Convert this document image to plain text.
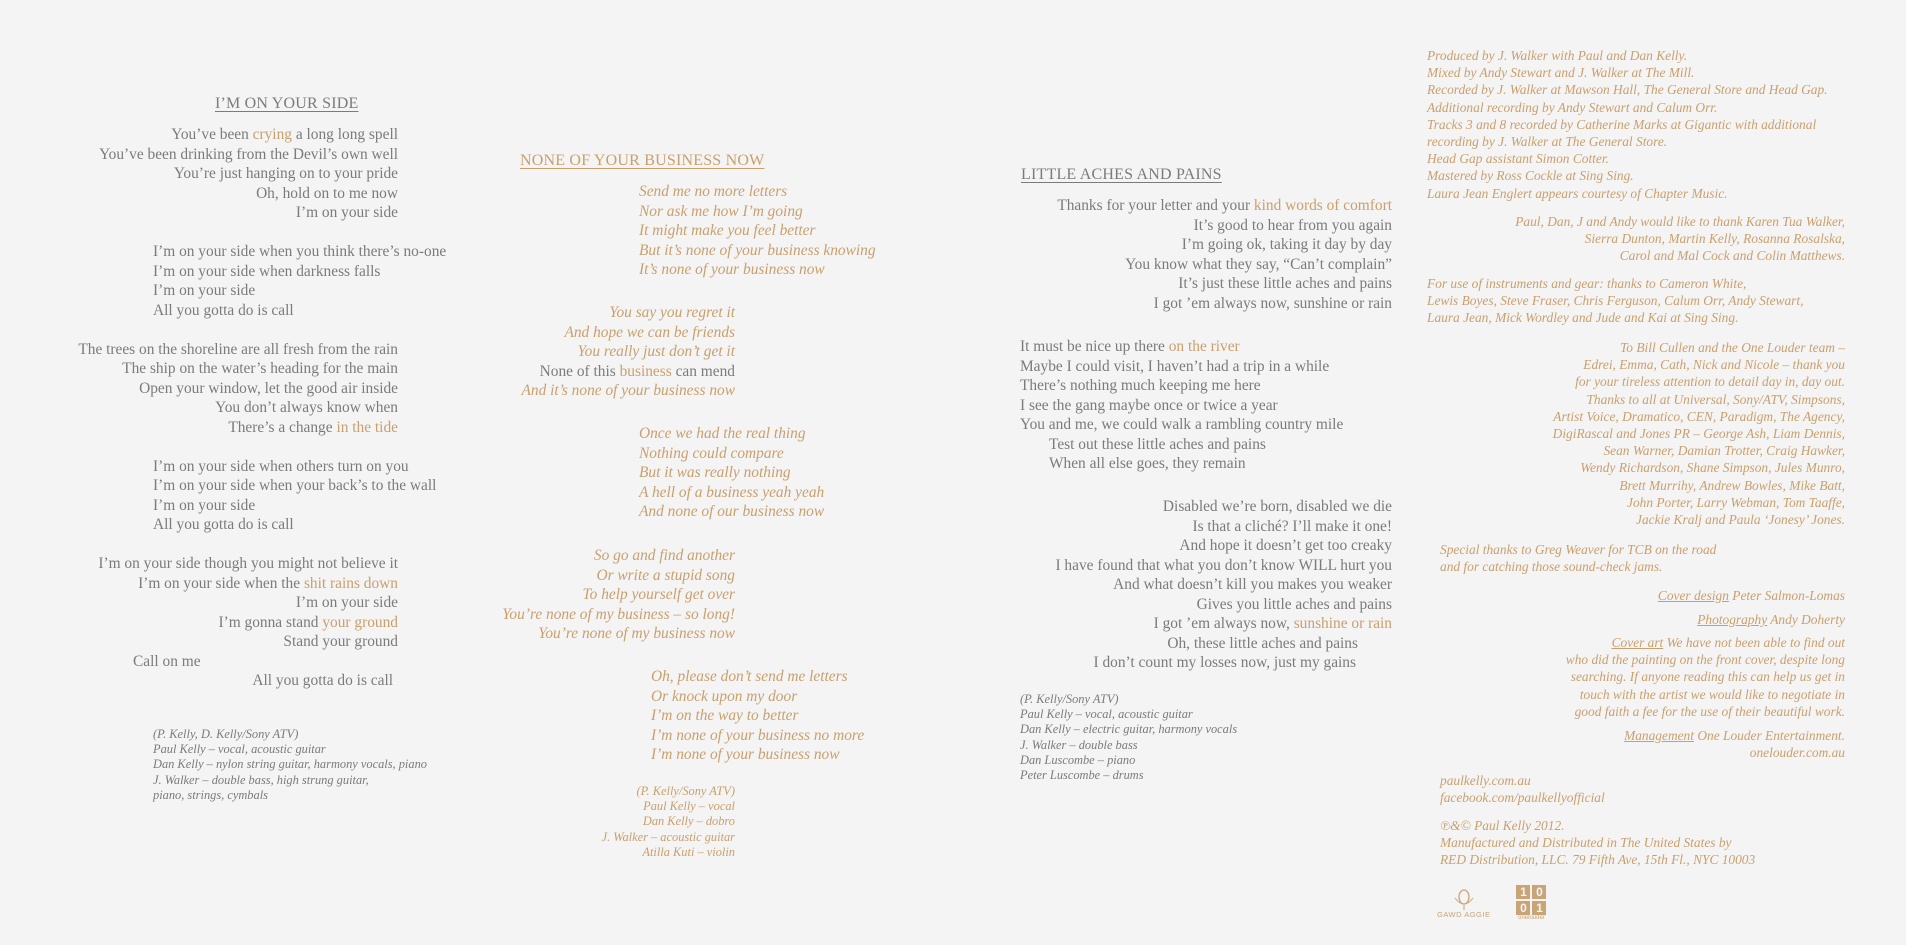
I’M ON YOUR SIDE
You’ve been crying a long long spell
You’ve been drinking from the Devil’s own well
You’re just hanging on to your pride
Oh, hold on to me now
I’m on your side
I’m on your side when you think there’s no-one
I’m on your side when darkness falls
I’m on your side
All you gotta do is call
The trees on the shoreline are all fresh from the rain
The ship on the water’s heading for the main
Open your window, let the good air inside
You don’t always know when
There’s a change in the tide
I’m on your side when others turn on you
I’m on your side when your back’s to the wall
I’m on your side
All you gotta do is call
I’m on your side though you might not believe it
I’m on your side when the shit rains down
I’m on your side
I’m gonna stand your ground
Stand your ground
Call on me
All you gotta do is call
(P. Kelly, D. Kelly/Sony ATV)
Paul Kelly – vocal, acoustic guitar
Dan Kelly – nylon string guitar, harmony vocals, piano
J. Walker – double bass, high strung guitar,
piano, strings, cymbals
NONE OF YOUR BUSINESS NOW
Send me no more letters
Nor ask me how I’m going
It might make you feel better
But it’s none of your business knowing
It’s none of your business now
You say you regret it
And hope we can be friends
You really just don’t get it
None of this business can mend
And it’s none of your business now
Once we had the real thing
Nothing could compare
But it was really nothing
A hell of a business yeah yeah
And none of our business now
So go and find another
Or write a stupid song
To help yourself get over
You’re none of my business – so long!
You’re none of my business now
Oh, please don’t send me letters
Or knock upon my door
I’m on the way to better
I’m none of your business no more
I’m none of your business now
(P. Kelly/Sony ATV)
Paul Kelly – vocal
Dan Kelly – dobro
J. Walker – acoustic guitar
Atilla Kuti – violin
LITTLE ACHES AND PAINS
Thanks for your letter and your kind words of comfort
It’s good to hear from you again
I’m going ok, taking it day by day
You know what they say, “Can’t complain”
It’s just these little aches and pains
I got ’em always now, sunshine or rain
It must be nice up there on the river
Maybe I could visit, I haven’t had a trip in a while
There’s nothing much keeping me here
I see the gang maybe once or twice a year
You and me, we could walk a rambling country mile
Test out these little aches and pains
When all else goes, they remain
Disabled we’re born, disabled we die
Is that a cliché? I’ll make it one!
And hope it doesn’t get too creaky
I have found that what you don’t know WILL hurt you
And what doesn’t kill you makes you weaker
Gives you little aches and pains
I got ’em always now, sunshine or rain
Oh, these little aches and pains
I don’t count my losses now, just my gains
(P. Kelly/Sony ATV)
Paul Kelly – vocal, acoustic guitar
Dan Kelly – electric guitar, harmony vocals
J. Walker – double bass
Dan Luscombe – piano
Peter Luscombe – drums
Produced by J. Walker with Paul and Dan Kelly.
Mixed by Andy Stewart and J. Walker at The Mill.
Recorded by J. Walker at Mawson Hall, The General Store and Head Gap.
Additional recording by Andy Stewart and Calum Orr.
Tracks 3 and 8 recorded by Catherine Marks at Gigantic with additional
recording by J. Walker at The General Store.
Head Gap assistant Simon Cotter.
Mastered by Ross Cockle at Sing Sing.
Laura Jean Englert appears courtesy of Chapter Music.
Paul, Dan, J and Andy would like to thank Karen Tua Walker,
Sierra Dunton, Martin Kelly, Rosanna Rosalska,
Carol and Mal Cock and Colin Matthews.
For use of instruments and gear: thanks to Cameron White,
Lewis Boyes, Steve Fraser, Chris Ferguson, Calum Orr, Andy Stewart,
Laura Jean, Mick Wordley and Jude and Kai at Sing Sing.
To Bill Cullen and the One Louder team –
Edrei, Emma, Cath, Nick and Nicole – thank you
for your tireless attention to detail day in, day out.
Thanks to all at Universal, Sony/ATV, Simpsons,
Artist Voice, Dramatico, CEN, Paradigm, The Agency,
DigiRascal and Jones PR – George Ash, Liam Dennis,
Sean Warner, Damian Trotter, Craig Hawker,
Wendy Richardson, Shane Simpson, Jules Munro,
Brett Murrihy, Andrew Bowles, Mike Batt,
John Porter, Larry Webman, Tom Taaffe,
Jackie Kralj and Paula ‘Jonesy’ Jones.
Special thanks to Greg Weaver for TCB on the road
and for catching those sound-check jams.
Cover design Peter Salmon-Lomas
Photography Andy Doherty
Cover art We have not been able to find out
who did the painting on the front cover, despite long
searching. If anyone reading this can help us get in
touch with the artist we would like to negotiate in
good faith a fee for the use of their beautiful work.
Management One Louder Entertainment.
onelouder.com.au
paulkelly.com.au
facebook.com/paulkellyofficial
℗&© Paul Kelly 2012.
Manufactured and Distributed in The United States by
RED Distribution, LLC. 79 Fifth Ave, 15th Fl., NYC 10003
GAWD AGGIE
1 0
0 1
onelouder
